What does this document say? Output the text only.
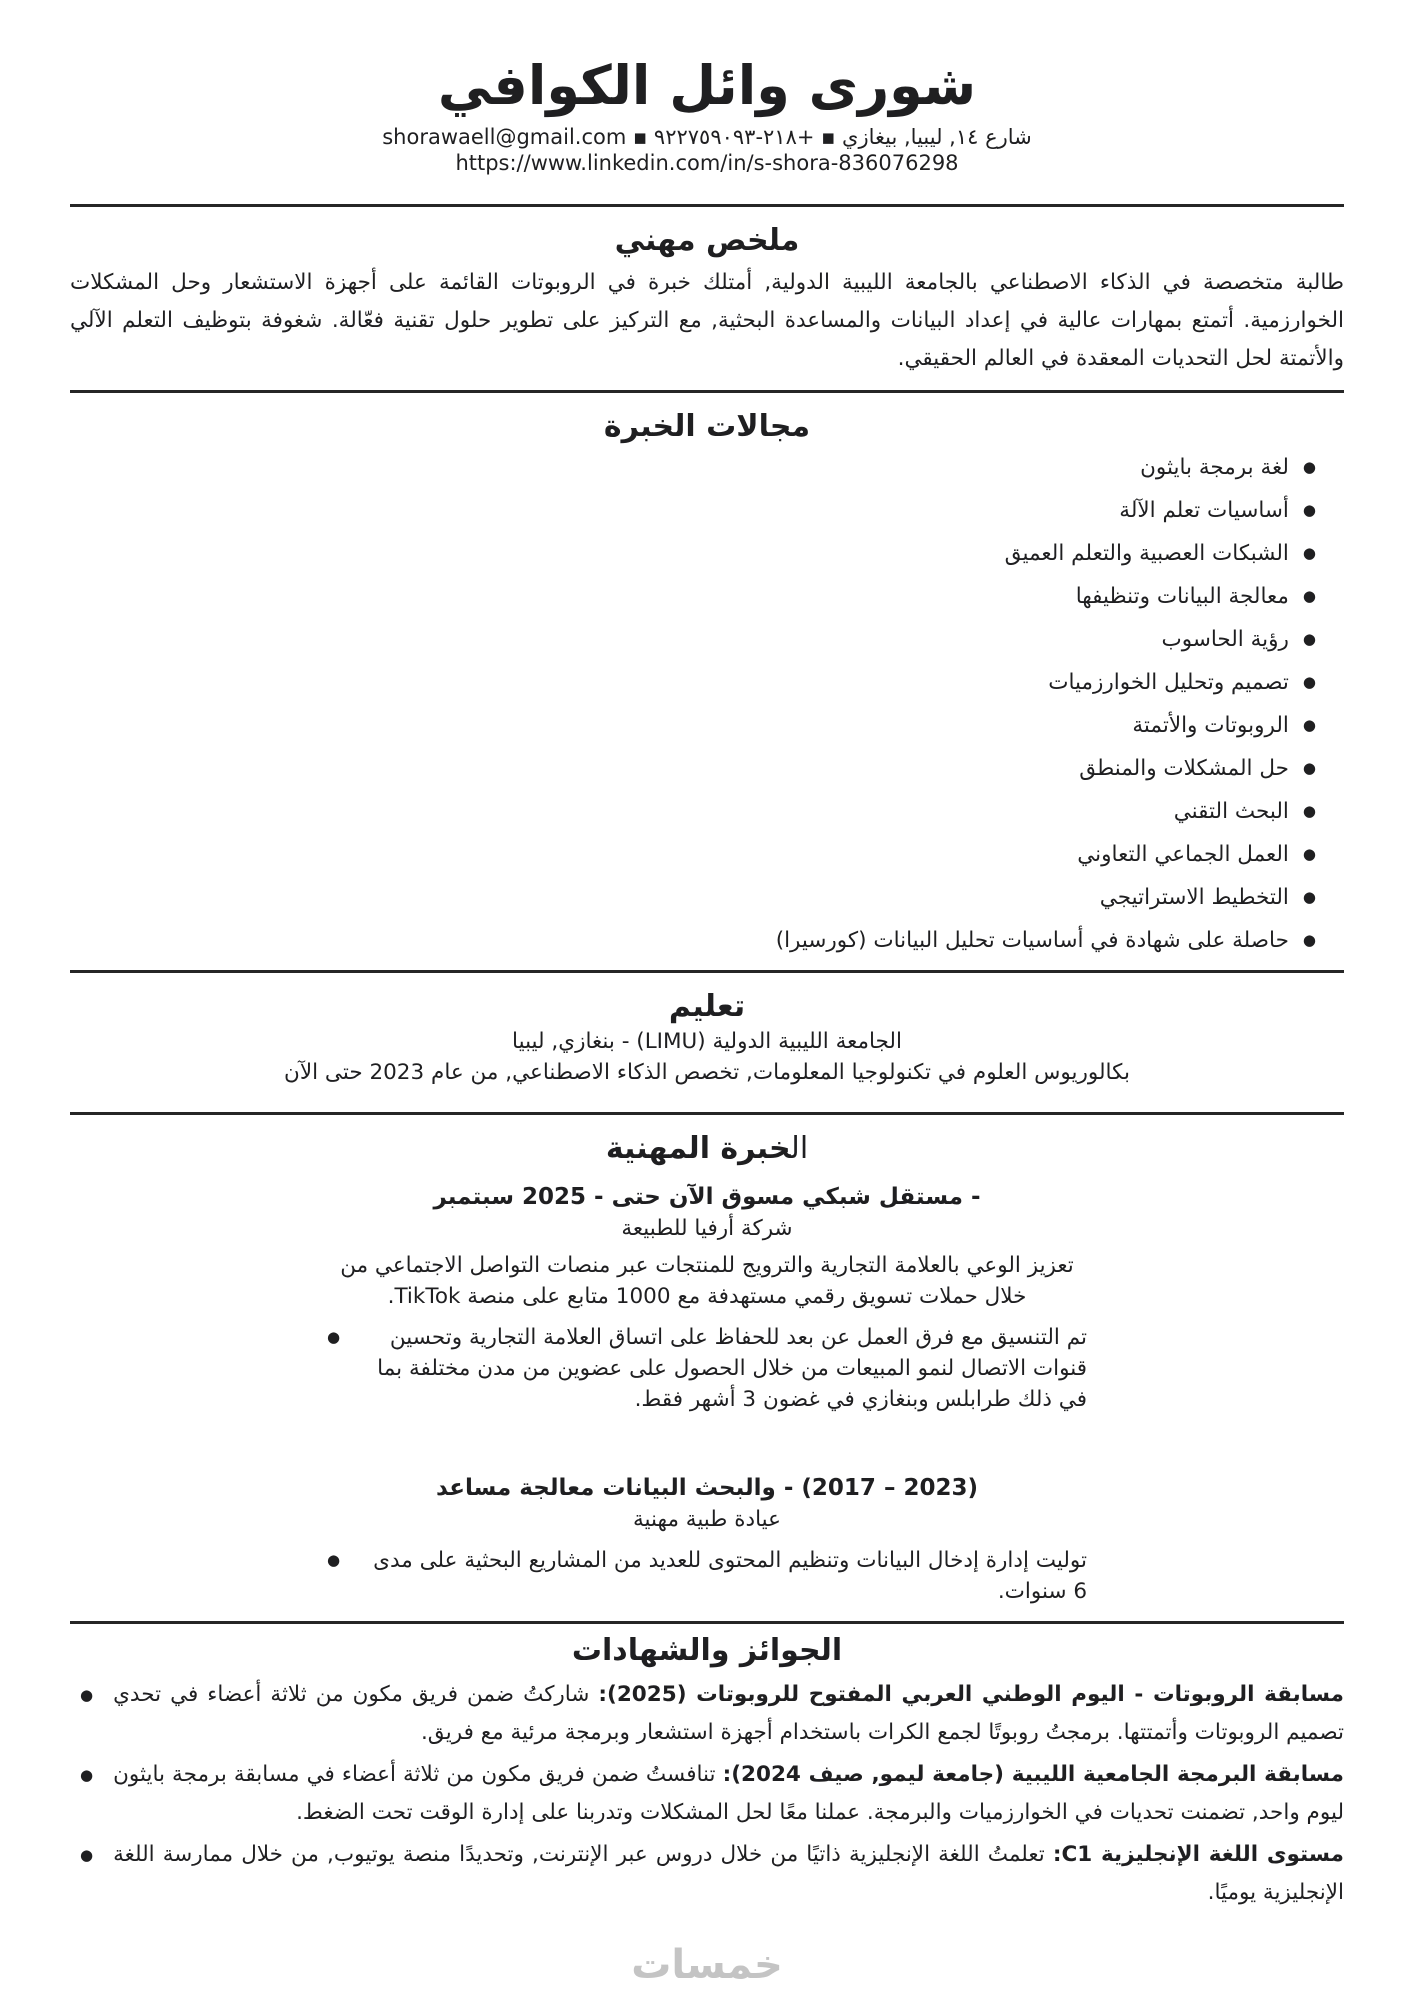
شورى وائل الكوافي
شارع ١٤, ليبيا, بيغازي ▪ +٢١٨-٩٢٢٧٥٩٠٩٣ ▪ shorawaell@gmail.com
https://www.linkedin.com/in/s-shora-836076298
ملخص مهني

طالبة متخصصة في الذكاء الاصطناعي بالجامعة الليبية الدولية, أمتلك خبرة في الروبوتات القائمة على أجهزة الاستشعار وحل المشكلات الخوارزمية. أتمتع بمهارات عالية في إعداد البيانات والمساعدة البحثية, مع التركيز على تطوير حلول تقنية فعّالة. شغوفة بتوظيف التعلم الآلي والأتمتة لحل التحديات المعقدة في العالم الحقيقي.

مجالات الخبرة
●لغة برمجة بايثون
●أساسيات تعلم الآلة
●الشبكات العصبية والتعلم العميق
●معالجة البيانات وتنظيفها
●رؤية الحاسوب
●تصميم وتحليل الخوارزميات
●الروبوتات والأتمتة
●حل المشكلات والمنطق
●البحث التقني
●العمل الجماعي التعاوني
●التخطيط الاستراتيجي
●حاصلة على شهادة في أساسيات تحليل البيانات (كورسيرا)
تعليم
الجامعة الليبية الدولية (LIMU) - بنغازي, ليبيا
بكالوريوس العلوم في تكنولوجيا المعلومات, تخصص الذكاء الاصطناعي, من عام 2023 حتى الآن
الخبرة المهنية
سبتمبر 2025 - حتى الآن مسوق شبكي مستقل -
شركة أرفيا للطبيعة

تعزيز الوعي بالعلامة التجارية والترويج للمنتجات عبر منصات التواصل الاجتماعي من خلال حملات تسويق رقمي مستهدفة مع 1000 متابع على منصة TikTok.

●	تم التنسيق مع فرق العمل عن بعد للحفاظ على اتساق العلامة التجارية وتحسين قنوات الاتصال لنمو المبيعات من خلال الحصول على عضوين من مدن مختلفة بما في ذلك طرابلس وبنغازي في غضون 3 أشهر فقط.
مساعد معالجة البيانات والبحث - (2017 – 2023)
عيادة طبية مهنية
●	توليت إدارة إدخال البيانات وتنظيم المحتوى للعديد من المشاريع البحثية على مدى 6 سنوات.
الجوائز والشهادات
●	مسابقة الروبوتات - اليوم الوطني العربي المفتوح للروبوتات (2025): شاركتُ ضمن فريق مكون من ثلاثة أعضاء في تحدي تصميم الروبوتات وأتمتتها. برمجتُ روبوتًا لجمع الكرات باستخدام أجهزة استشعار وبرمجة مرئية مع فريق.

●	مسابقة البرمجة الجامعية الليبية (جامعة ليمو, صيف 2024): تنافستُ ضمن فريق مكون من ثلاثة أعضاء في مسابقة برمجة بايثون ليوم واحد, تضمنت تحديات في الخوارزميات والبرمجة. عملنا معًا لحل المشكلات وتدربنا على إدارة الوقت تحت الضغط.

●	مستوى اللغة الإنجليزية C1: تعلمتُ اللغة الإنجليزية ذاتيًا من خلال دروس عبر الإنترنت, وتحديدًا منصة يوتيوب, من خلال ممارسة اللغة الإنجليزية يوميًا.

خمسات
